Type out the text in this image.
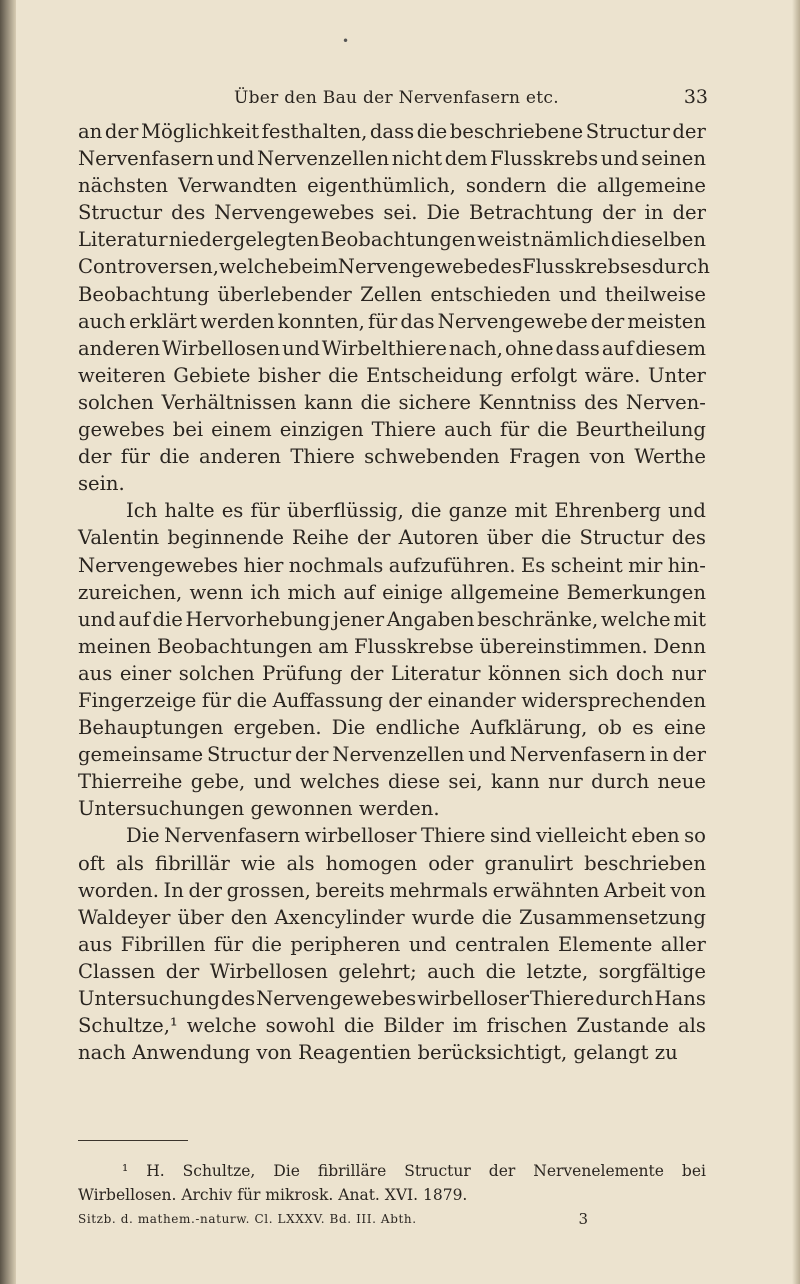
•
Über den Bau der Nervenfasern etc.	33
an der Möglichkeit festhalten, dass die beschriebene Structur der
Nervenfasern und Nervenzellen nicht dem Flusskrebs und seinen
nächsten Verwandten eigenthümlich, sondern die allgemeine
Structur des Nervengewebes sei. Die Betrachtung der in der
Literatur niedergelegten Beobachtungen weist nämlich dieselben
Controversen, welche beim Nervengewebe des Flusskrebses durch
Beobachtung überlebender Zellen entschieden und theilweise
auch erklärt werden konnten, für das Nervengewebe der meisten
anderen Wirbellosen und Wirbelthiere nach, ohne dass auf diesem
weiteren Gebiete bisher die Entscheidung erfolgt wäre. Unter
solchen Verhältnissen kann die sichere Kenntniss des Nerven-
gewebes bei einem einzigen Thiere auch für die Beurtheilung
der für die anderen Thiere schwebenden Fragen von Werthe
sein.
Ich halte es für überflüssig, die ganze mit Ehrenberg und
Valentin beginnende Reihe der Autoren über die Structur des
Nervengewebes hier nochmals aufzuführen. Es scheint mir hin-
zureichen, wenn ich mich auf einige allgemeine Bemerkungen
und auf die Hervorhebung jener Angaben beschränke, welche mit
meinen Beobachtungen am Flusskrebse übereinstimmen. Denn
aus einer solchen Prüfung der Literatur können sich doch nur
Fingerzeige für die Auffassung der einander widersprechenden
Behauptungen ergeben. Die endliche Aufklärung, ob es eine
gemeinsame Structur der Nervenzellen und Nervenfasern in der
Thierreihe gebe, und welches diese sei, kann nur durch neue
Untersuchungen gewonnen werden.
Die Nervenfasern wirbelloser Thiere sind vielleicht eben so
oft als fibrillär wie als homogen oder granulirt beschrieben
worden. In der grossen, bereits mehrmals erwähnten Arbeit von
Waldeyer über den Axencylinder wurde die Zusammensetzung
aus Fibrillen für die peripheren und centralen Elemente aller
Classen der Wirbellosen gelehrt; auch die letzte, sorgfältige
Untersuchung des Nervengewebes wirbelloser Thiere durch Hans
Schultze,¹ welche sowohl die Bilder im frischen Zustande als
nach Anwendung von Reagentien berücksichtigt, gelangt zu
¹ H. Schultze, Die fibrilläre Structur der Nervenelemente bei
Wirbellosen. Archiv für mikrosk. Anat. XVI. 1879.
Sitzb. d. mathem.-naturw. Cl. LXXXV. Bd. III. Abth.	3
